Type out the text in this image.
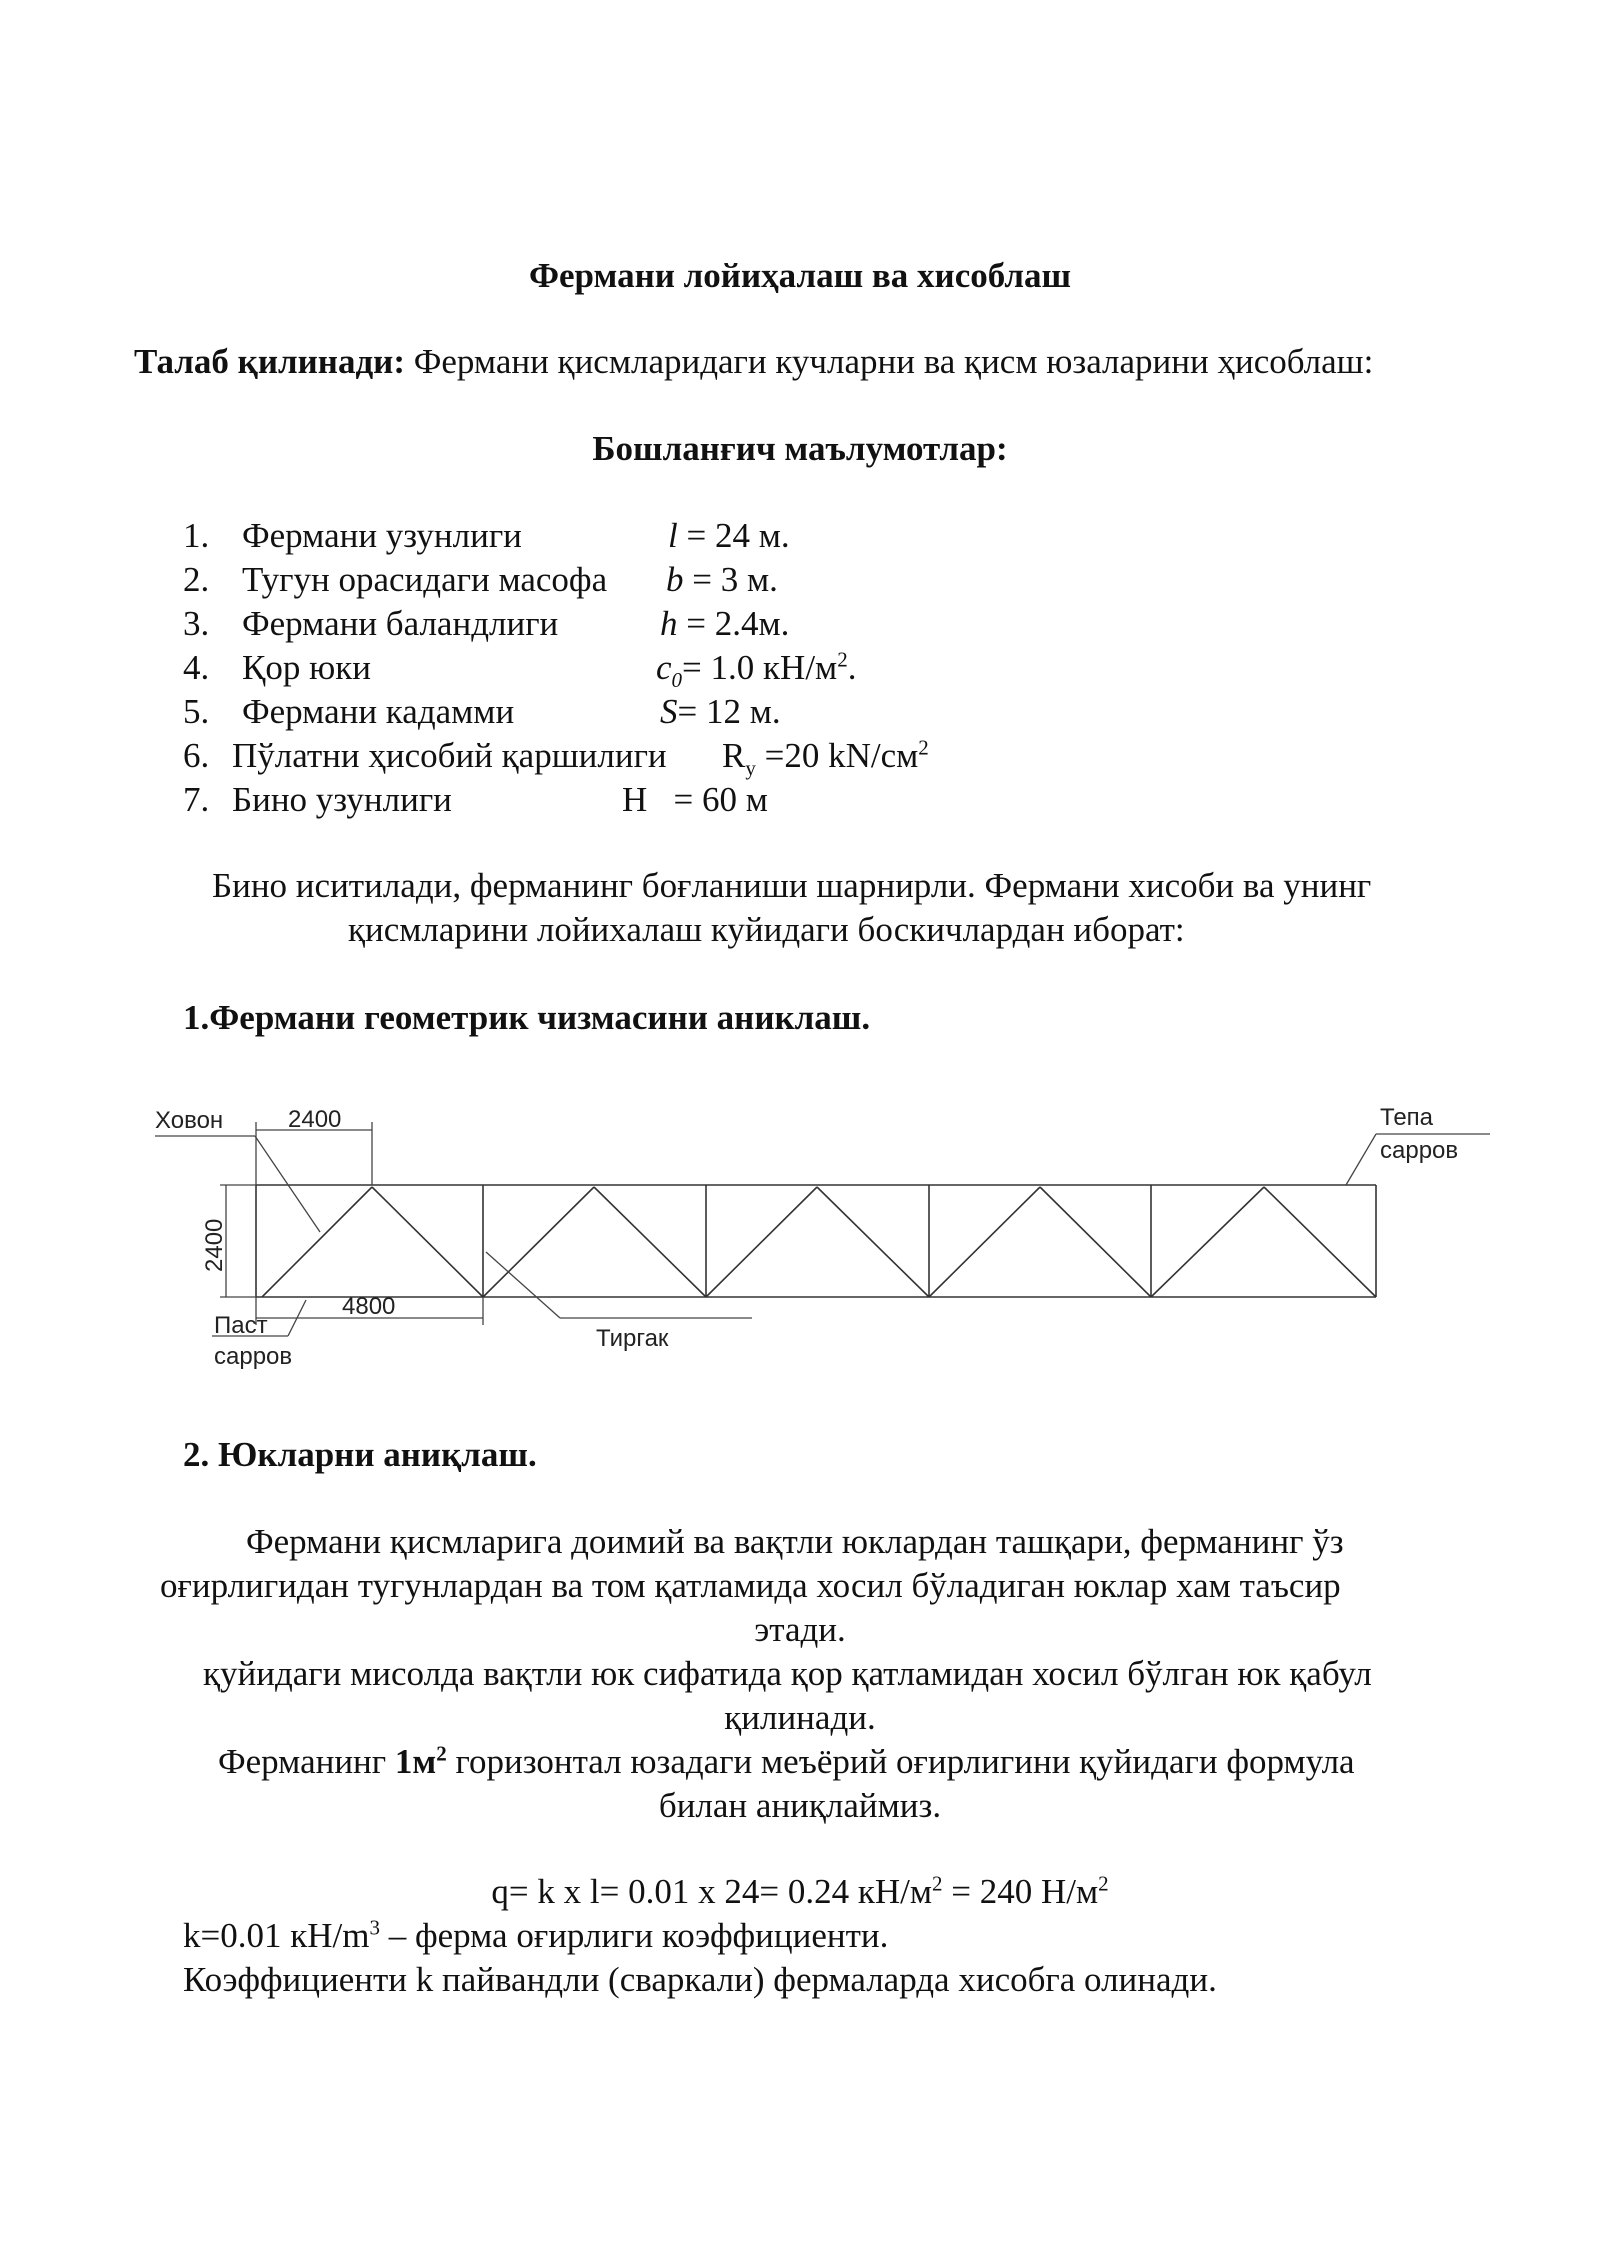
Фермани лойиҳалаш ва хисоблаш
Талаб қилинади: Фермани қисмларидаги кучларни ва қисм юзаларини ҳисоблаш:
Бошланғич маълумотлар:
1. Фермани узунлиги	l = 24 м.
2. Тугун орасидаги масофа b = 3 м.
3. Фермани баландлиги	h = 2.4м.
4. Қор юки	$c_0= 1.0$ $кН/м^2$.
5. Фермани кадамми	S= 12 м.
6. Пўлатни ҳисобий қаршилиги $R_y =20$ $kN/см^2$
7. Бино узунлиги	H = 60 м
Бино иситилади, ферманинг боғланиши шарнирли. Фермани хисоби ва унинг
қисмларини лойихалаш куйидаги боскичлардан иборат:
1.Фермани геометрик чизмасини аниклаш.
Ховон	2400	Тепа
сарров
2400
4800
Паст
сарров
Тиргак
2. Юкларни аниқлаш.
Фермани қисмларига доимий ва вақтли юклардан ташқари, ферманинг ўз
оғирлигидан тугунлардан ва том қатламида хосил бўладиган юклар хам таъсир
этади.
қуйидаги мисолда вақтли юк сифатида қор қатламидан хосил бўлган юк қабул
қилинади.
Ферманинг $1м^2$ горизонтал юзадаги меъёрий оғирлигини қуйидаги формула
билан аниқлаймиз.
q= k x l= 0.01 x 24= 0.24 $кН/м^2 = 240$ $Н/м^2$
k=0.01 $кН/m^3$ – ферма оғирлиги коэффициенти.
Коэффициенти k пайвандли (сваркали) фермаларда хисобга олинади.
